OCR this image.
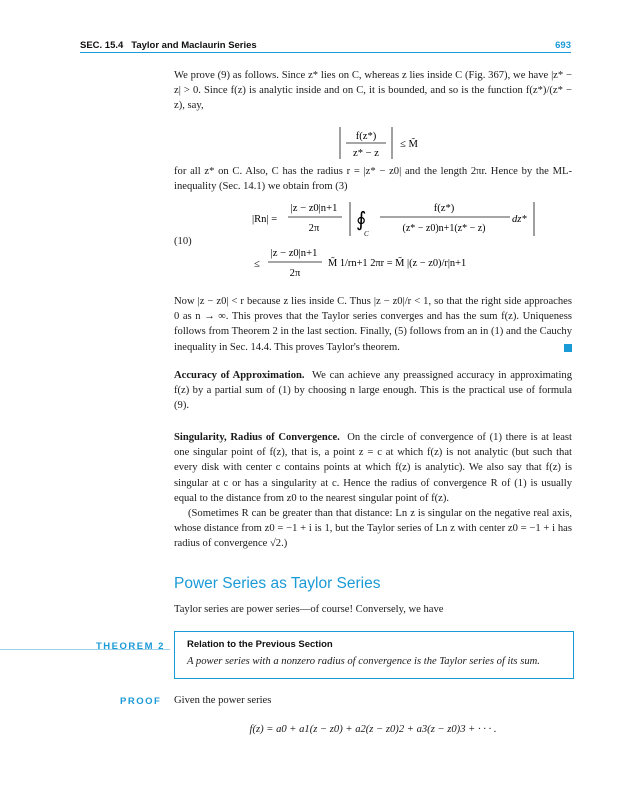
SEC. 15.4 Taylor and Maclaurin Series	693

We prove (9) as follows. Since z* lies on C, whereas z lies inside C (Fig. 367), we have |z* − z| > 0. Since f(z) is analytic inside and on C, it is bounded, and so is the function f(z*)/(z* − z), say,

f(z*)
z* − z
≤ M̃

for all z* on C. Also, C has the radius r = |z* − z0| and the length 2πr. Hence by the ML-inequality (Sec. 14.1) we obtain from (3)

(10)
|Rn| =
|z − z0|n+1
2π ∮
C
f(z*)
(z* − z0)n+1(z* − z)
dz*
≤
|z − z0|n+1
2π
M̃ 1/rn+1 2πr = M̃ |(z − z0)/r|n+1

Now |z − z0| < r because z lies inside C. Thus |z − z0|/r < 1, so that the right side approaches 0 as n → ∞. This proves that the Taylor series converges and has the sum f(z). Uniqueness follows from Theorem 2 in the last section. Finally, (5) follows from an in (1) and the Cauchy inequality in Sec. 14.4. This proves Taylor's theorem.

Accuracy of Approximation. We can achieve any preassigned accuracy in approximating f(z) by a partial sum of (1) by choosing n large enough. This is the practical use of formula (9).

Singularity, Radius of Convergence. On the circle of convergence of (1) there is at least one singular point of f(z), that is, a point z = c at which f(z) is not analytic (but such that every disk with center c contains points at which f(z) is analytic). We also say that f(z) is singular at c or has a singularity at c. Hence the radius of convergence R of (1) is usually equal to the distance from z0 to the nearest singular point of f(z).

(Sometimes R can be greater than that distance: Ln z is singular on the negative real axis, whose distance from z0 = −1 + i is 1, but the Taylor series of Ln z with center z0 = −1 + i has radius of convergence √2.)

Power Series as Taylor Series

Taylor series are power series—of course! Conversely, we have

THEOREM 2 Relation to the Previous Section
A power series with a nonzero radius of convergence is the Taylor series of its sum.
PROOF Given the power series

f(z) = a0 + a1(z − z0) + a2(z − z0)2 + a3(z − z0)3 + · · · .
